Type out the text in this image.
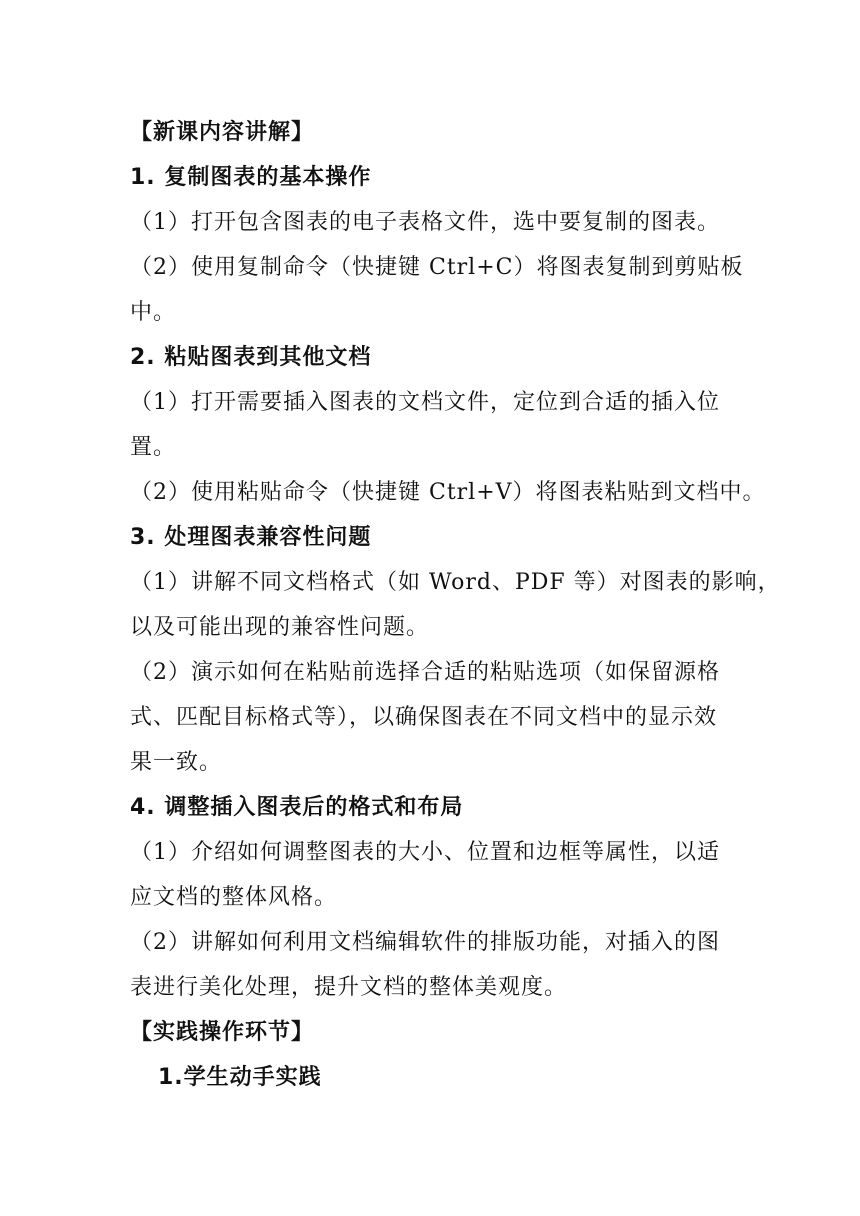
【新课内容讲解】
1. 复制图表的基本操作
（1）打开包含图表的电子表格文件，选中要复制的图表。
（2）使用复制命令（快捷键 Ctrl+C）将图表复制到剪贴板
中。
2. 粘贴图表到其他文档
（1）打开需要插入图表的文档文件，定位到合适的插入位
置。
（2）使用粘贴命令（快捷键 Ctrl+V）将图表粘贴到文档中。
3. 处理图表兼容性问题
（1）讲解不同文档格式（如 Word、PDF 等）对图表的影响，
以及可能出现的兼容性问题。
（2）演示如何在粘贴前选择合适的粘贴选项（如保留源格
式、匹配目标格式等），以确保图表在不同文档中的显示效
果一致。
4. 调整插入图表后的格式和布局
（1）介绍如何调整图表的大小、位置和边框等属性，以适
应文档的整体风格。
（2）讲解如何利用文档编辑软件的排版功能，对插入的图
表进行美化处理，提升文档的整体美观度。
【实践操作环节】
1.学生动手实践
